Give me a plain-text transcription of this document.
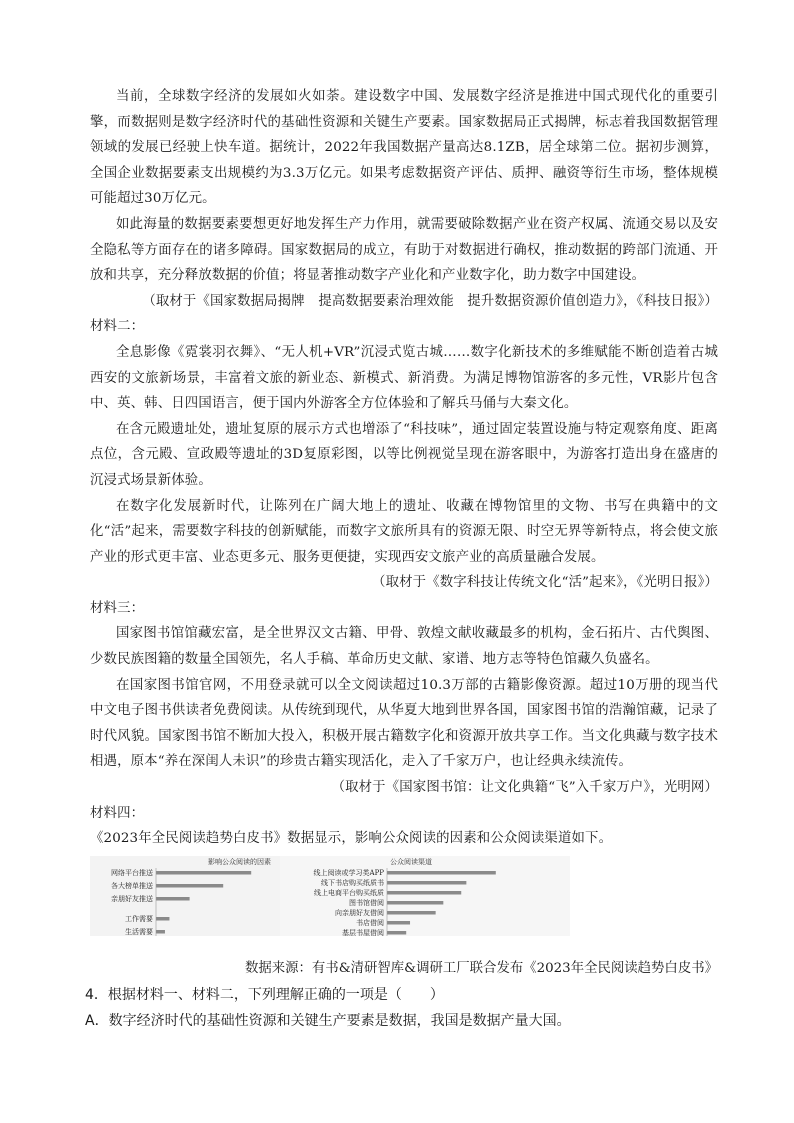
当前，全球数字经济的发展如火如荼。建设数字中国、发展数字经济是推进中国式现代化的重要引擎，而数据则是数字经济时代的基础性资源和关键生产要素。国家数据局正式揭牌，标志着我国数据管理领域的发展已经驶上快车道。据统计，2022年我国数据产量高达8.1ZB，居全球第二位。据初步测算，全国企业数据要素支出规模约为3.3万亿元。如果考虑数据资产评估、质押、融资等衍生市场，整体规模可能超过30万亿元。

如此海量的数据要素要想更好地发挥生产力作用，就需要破除数据产业在资产权属、流通交易以及安全隐私等方面存在的诸多障碍。国家数据局的成立，有助于对数据进行确权，推动数据的跨部门流通、开放和共享，充分释放数据的价值；将显著推动数字产业化和产业数字化，助力数字中国建设。

（取材于《国家数据局揭牌　提高数据要素治理效能　提升数据资源价值创造力》，《科技日报》）

材料二：

全息影像《霓裳羽衣舞》、“无人机+VR”沉浸式览古城……数字化新技术的多维赋能不断创造着古城西安的文旅新场景，丰富着文旅的新业态、新模式、新消费。为满足博物馆游客的多元性，VR影片包含中、英、韩、日四国语言，便于国内外游客全方位体验和了解兵马俑与大秦文化。

在含元殿遗址处，遗址复原的展示方式也增添了“科技味”，通过固定装置设施与特定观察角度、距离点位，含元殿、宣政殿等遗址的3D复原彩图，以等比例视觉呈现在游客眼中，为游客打造出身在盛唐的沉浸式场景新体验。

在数字化发展新时代，让陈列在广阔大地上的遗址、收藏在博物馆里的文物、书写在典籍中的文化“活”起来，需要数字科技的创新赋能，而数字文旅所具有的资源无限、时空无界等新特点，将会使文旅产业的形式更丰富、业态更多元、服务更便捷，实现西安文旅产业的高质量融合发展。

（取材于《数字科技让传统文化“活”起来》，《光明日报》）

材料三：

国家图书馆馆藏宏富，是全世界汉文古籍、甲骨、敦煌文献收藏最多的机构，金石拓片、古代舆图、少数民族图籍的数量全国领先，名人手稿、革命历史文献、家谱、地方志等特色馆藏久负盛名。

在国家图书馆官网，不用登录就可以全文阅读超过10.3万部的古籍影像资源。超过10万册的现当代中文电子图书供读者免费阅读。从传统到现代，从华夏大地到世界各国，国家图书馆的浩瀚馆藏，记录了时代风貌。国家图书馆不断加大投入，积极开展古籍数字化和资源开放共享工作。当文化典藏与数字技术相遇，原本“养在深闺人未识”的珍贵古籍实现活化，走入了千家万户，也让经典永续流传。

（取材于《国家图书馆：让文化典籍“飞”入千家万户》，光明网）

材料四：

《2023年全民阅读趋势白皮书》数据显示，影响公众阅读的因素和公众阅读渠道如下。

影响公众阅读的因素
网络平台推送
各大榜单推送
亲朋好友推送
工作需要
生活需要
公众阅读渠道
线上阅读或学习类APP
线下书店购买纸质书
线上电商平台购买纸质
图书馆借阅
向亲朋好友借阅
书店借阅
基层书屋借阅

数据来源：有书&清研智库&调研工厂联合发布《2023年全民阅读趋势白皮书》

4．根据材料一、材料二，下列理解正确的一项是（　　）

A．数字经济时代的基础性资源和关键生产要素是数据，我国是数据产量大国。
